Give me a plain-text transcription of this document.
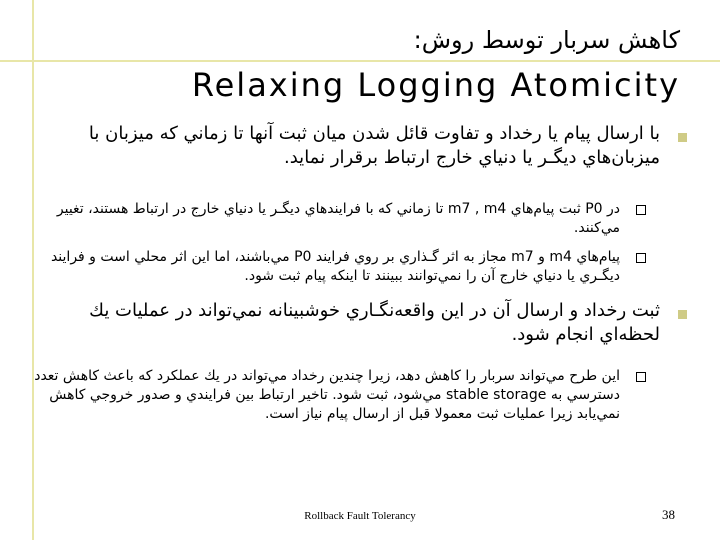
كاهش سربار توسط روش:
Relaxing Logging Atomicity
با ارسال پيام يا رخداد و تفاوت قائل شدن ميان ثبت آنها تا زماني كه ميزبان با ميزبان‌هاي ديگـر يا دنياي خارج ارتباط برقرار نمايد.
در P0 ثبت پيام‌هاي m7 , m4 تا زماني كه با فرايندهاي ديگـر يا دنياي خارج در ارتباط هستند، تغيير مي‌كنند.
پيام‌هاي m4 و m7 مجاز به اثر گـذاري بر روي فرايند P0 مي‌باشند، اما اين اثر محلي است و فرايند ديگـري يا دنياي خارج آن را نمي‌توانند ببينند تا اينكه پيام ثبت شود.
ثبت رخداد و ارسال آن در اين واقعه‌نگـاري خوشبينانه نمي‌تواند در عمليات يك لحظه‌اي انجام شود.
اين طرح مي‌تواند سربار را كاهش دهد، زيرا چندين رخداد مي‌تواند در يك عملكرد كه باعث كاهش تعدد دسترسي به stable storage مي‌شود، ثبت شود. تاخير ارتباط بين فرايندي و صدور خروجي كاهش نمي‌يابد زيرا عمليات ثبت معمولا قبل از ارسال پيام نياز است.
Rollback Fault Tolerancy	38
